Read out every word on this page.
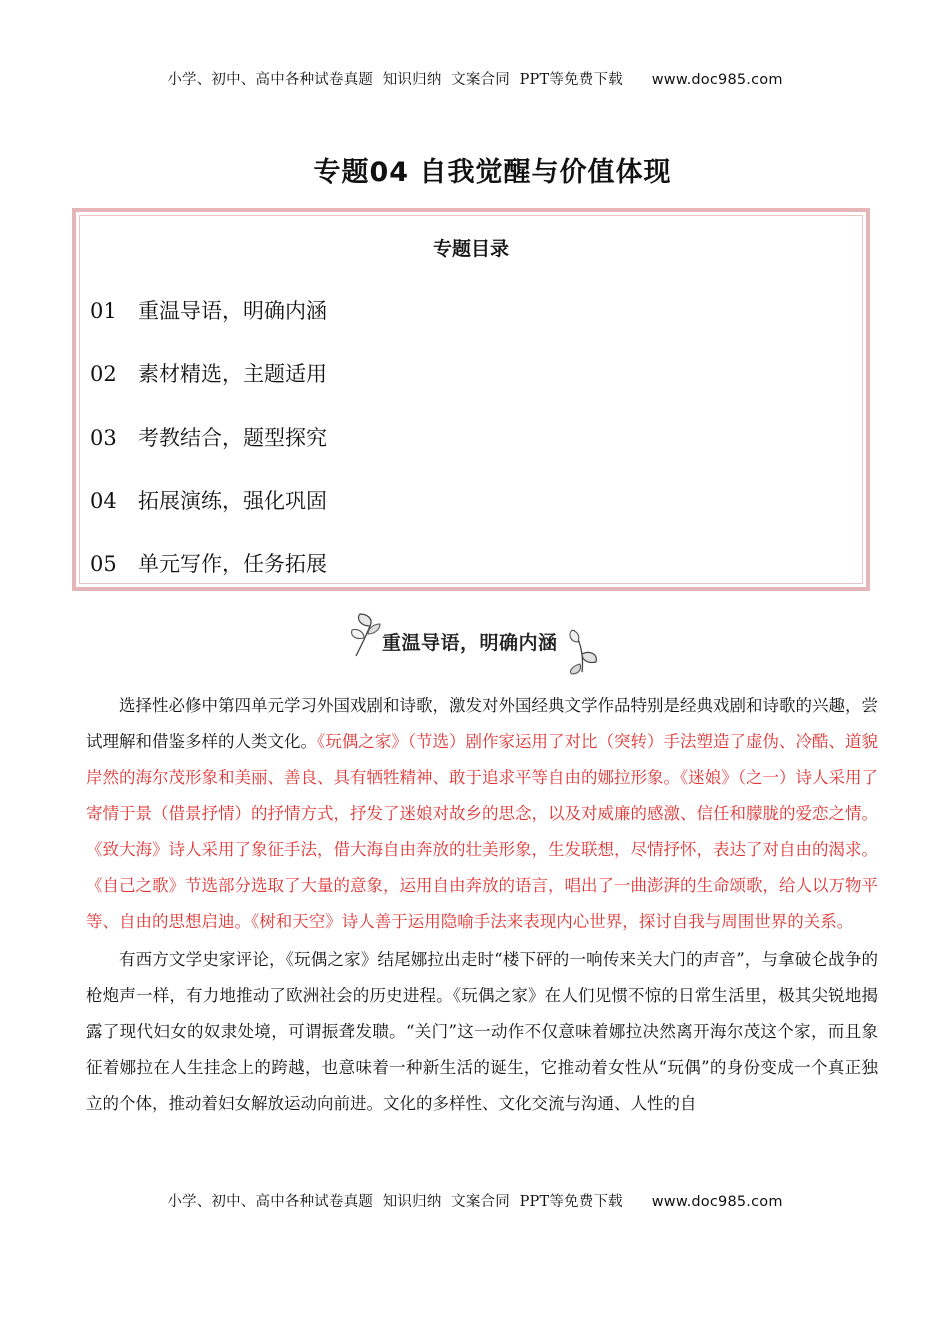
小学、初中、高中各种试卷真题  知识归纳  文案合同  PPT等免费下载 www.doc985.com
专题04 自我觉醒与价值体现
专题目录
01 重温导语，明确内涵
02 素材精选，主题适用
03 考教结合，题型探究
04 拓展演练，强化巩固
05 单元写作，任务拓展
重温导语，明确内涵

选择性必修中第四单元学习外国戏剧和诗歌，激发对外国经典文学作品特别是经典戏剧和诗歌的兴趣，尝试理解和借鉴多样的人类文化。《玩偶之家》（节选）剧作家运用了对比（突转）手法塑造了虚伪、冷酷、道貌岸然的海尔茂形象和美丽、善良、具有牺牲精神、敢于追求平等自由的娜拉形象。《迷娘》（之一）诗人采用了寄情于景（借景抒情）的抒情方式，抒发了迷娘对故乡的思念，以及对威廉的感激、信任和朦胧的爱恋之情。《致大海》诗人采用了象征手法，借大海自由奔放的壮美形象，生发联想，尽情抒怀，表达了对自由的渴求。《自己之歌》节选部分选取了大量的意象，运用自由奔放的语言，唱出了一曲澎湃的生命颂歌，给人以万物平等、自由的思想启迪。《树和天空》诗人善于运用隐喻手法来表现内心世界，探讨自我与周围世界的关系。

有西方文学史家评论，《玩偶之家》结尾娜拉出走时“楼下砰的一响传来关大门的声音”，与拿破仑战争的枪炮声一样，有力地推动了欧洲社会的历史进程。《玩偶之家》在人们见惯不惊的日常生活里，极其尖锐地揭露了现代妇女的奴隶处境，可谓振聋发聩。“关门”这一动作不仅意味着娜拉决然离开海尔茂这个家，而且象征着娜拉在人生挂念上的跨越，也意味着一种新生活的诞生，它推动着女性从“玩偶”的身份变成一个真正独立的个体，推动着妇女解放运动向前进。文化的多样性、文化交流与沟通、人性的自

小学、初中、高中各种试卷真题  知识归纳  文案合同  PPT等免费下载 www.doc985.com
